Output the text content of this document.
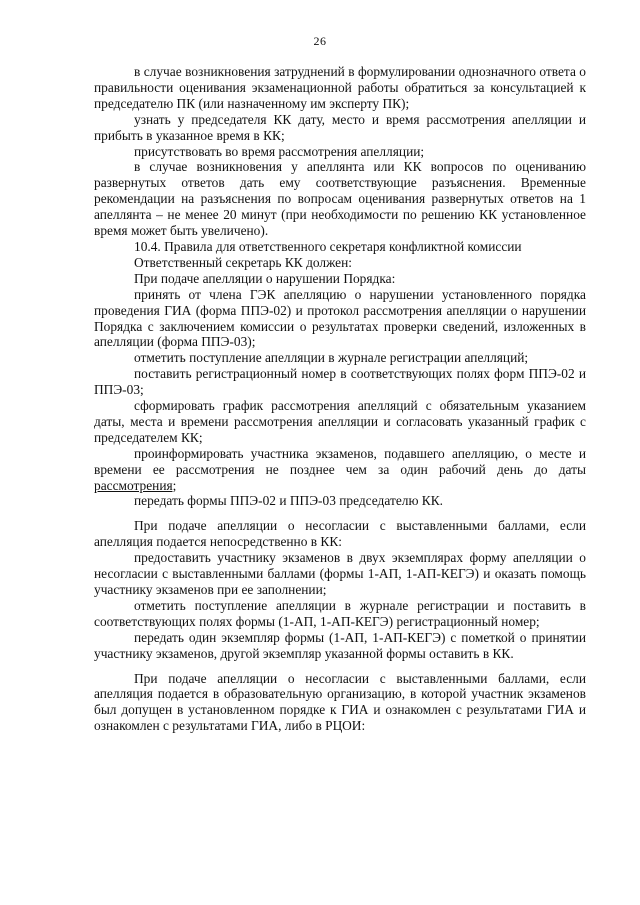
26

в случае возникновения затруднений в формулировании однозначного ответа о правильности оценивания экзаменационной работы обратиться за консультацией к председателю ПК (или назначенному им эксперту ПК);

узнать у председателя КК дату, место и время рассмотрения апелляции и прибыть в указанное время в КК;

присутствовать во время рассмотрения апелляции;

в случае возникновения у апеллянта или КК вопросов по оцениванию развернутых ответов дать ему соответствующие разъяснения. Временные рекомендации на разъяснения по вопросам оценивания развернутых ответов на 1 апеллянта – не менее 20 минут (при необходимости по решению КК установленное время может быть увеличено).

10.4. Правила для ответственного секретаря конфликтной комиссии

Ответственный секретарь КК должен:

При подаче апелляции о нарушении Порядка:

принять от члена ГЭК апелляцию о нарушении установленного порядка проведения ГИА (форма ППЭ-02) и протокол рассмотрения апелляции о нарушении Порядка с заключением комиссии о результатах проверки сведений, изложенных в апелляции (форма ППЭ-03);

отметить поступление апелляции в журнале регистрации апелляций;

поставить регистрационный номер в соответствующих полях форм ППЭ-02 и ППЭ-03;

сформировать график рассмотрения апелляций с обязательным указанием даты, места и времени рассмотрения апелляции и согласовать указанный график с председателем КК;

проинформировать участника экзаменов, подавшего апелляцию, о месте и времени ее рассмотрения не позднее чем за один рабочий день до даты рассмотрения;

передать формы ППЭ-02 и ППЭ-03 председателю КК.

При подаче апелляции о несогласии с выставленными баллами, если апелляция подается непосредственно в КК:

предоставить участнику экзаменов в двух экземплярах форму апелляции о несогласии с выставленными баллами (формы 1-АП, 1-АП-КЕГЭ) и оказать помощь участнику экзаменов при ее заполнении;

отметить поступление апелляции в журнале регистрации и поставить в соответствующих полях формы (1-АП, 1-АП-КЕГЭ) регистрационный номер;

передать один экземпляр формы (1-АП, 1-АП-КЕГЭ) с пометкой о принятии участнику экзаменов, другой экземпляр указанной формы оставить в КК.

При подаче апелляции о несогласии с выставленными баллами, если апелляция подается в образовательную организацию, в которой участник экзаменов был допущен в установленном порядке к ГИА и ознакомлен с результатами ГИА и ознакомлен с результатами ГИА, либо в РЦОИ:
